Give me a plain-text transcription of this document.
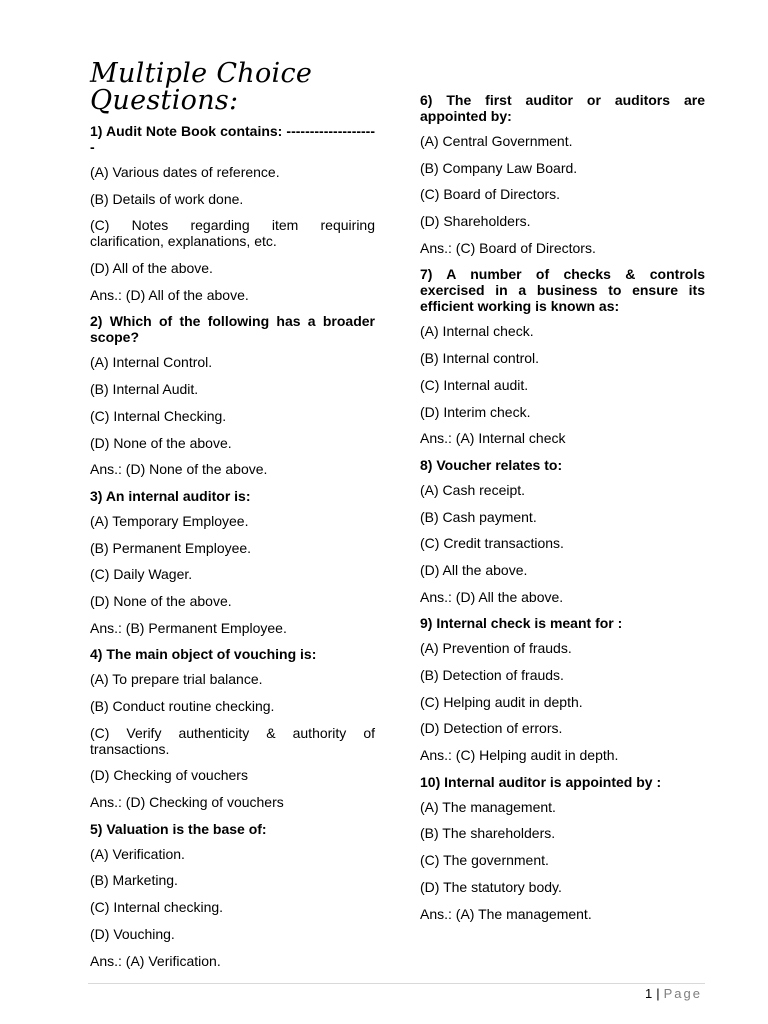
Multiple Choice Questions:
1) Audit Note Book contains: --------------------
(A) Various dates of reference.
(B) Details of work done.
(C) Notes regarding item requiring clarification, explanations, etc.
(D) All of the above.
Ans.: (D) All of the above.
2) Which of the following has a broader scope?
(A) Internal Control.
(B) Internal Audit.
(C) Internal Checking.
(D) None of the above.
Ans.: (D) None of the above.
3) An internal auditor is:
(A) Temporary Employee.
(B) Permanent Employee.
(C) Daily Wager.
(D) None of the above.
Ans.: (B) Permanent Employee.
4) The main object of vouching is:
(A) To prepare trial balance.
(B) Conduct routine checking.
(C) Verify authenticity & authority of transactions.
(D) Checking of vouchers
Ans.: (D) Checking of vouchers
5) Valuation is the base of:
(A) Verification.
(B) Marketing.
(C) Internal checking.
(D) Vouching.
Ans.: (A) Verification.
6) The first auditor or auditors are appointed by:
(A) Central Government.
(B) Company Law Board.
(C) Board of Directors.
(D) Shareholders.
Ans.: (C) Board of Directors.
7) A number of checks & controls exercised in a business to ensure its efficient working is known as:
(A) Internal check.
(B) Internal control.
(C) Internal audit.
(D) Interim check.
Ans.: (A) Internal check
8) Voucher relates to:
(A) Cash receipt.
(B) Cash payment.
(C) Credit transactions.
(D) All the above.
Ans.: (D) All the above.
9) Internal check is meant for :
(A) Prevention of frauds.
(B) Detection of frauds.
(C) Helping audit in depth.
(D) Detection of errors.
Ans.: (C) Helping audit in depth.
10) Internal auditor is appointed by :
(A) The management.
(B) The shareholders.
(C) The government.
(D) The statutory body.
Ans.: (A) The management.
1 | Page
